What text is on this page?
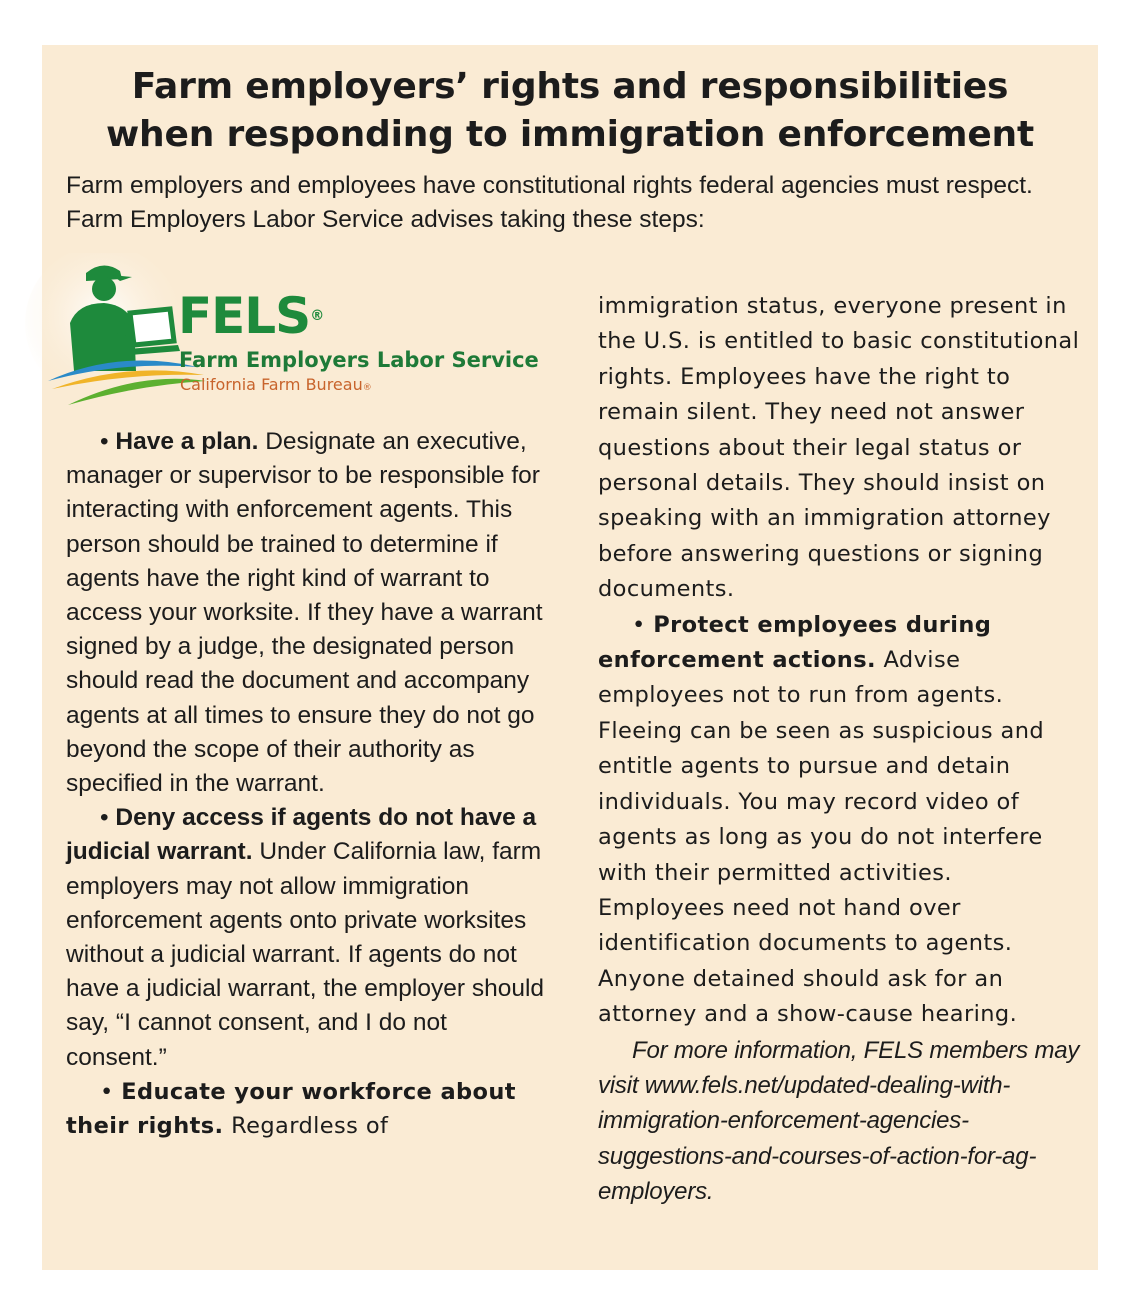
Farm employers’ rights and responsibilities
when responding to immigration enforcement

Farm employers and employees have constitutional rights federal agencies must respect. Farm Employers Labor Service advises taking these steps:

FELS®
Farm Employers Labor Service
California Farm Bureau®

• Have a plan. Designate an executive, manager or supervisor to be responsible for interacting with enforcement agents. This person should be trained to determine if agents have the right kind of warrant to access your worksite. If they have a warrant signed by a judge, the designated person should read the document and accompany agents at all times to ensure they do not go beyond the scope of their authority as specified in the warrant.

• Deny access if agents do not have a judicial warrant. Under California law, farm employers may not allow immigration enforcement agents onto private worksites without a judicial warrant. If agents do not have a judicial warrant, the employer should say, “I cannot consent, and I do not consent.”

• Educate your workforce about their rights. Regardless of

immigration status, everyone present in the U.S. is entitled to basic constitutional rights. Employees have the right to remain silent. They need not answer questions about their legal status or personal details. They should insist on speaking with an immigration attorney before answering questions or signing documents.

• Protect employees during enforcement actions. Advise employees not to run from agents. Fleeing can be seen as suspicious and entitle agents to pursue and detain individuals. You may record video of agents as long as you do not interfere with their permitted activities. Employees need not hand over identification documents to agents. Anyone detained should ask for an attorney and a show-cause hearing.

For more information, FELS members may visit www.fels.net/updated-dealing-with-immigration-enforcement-agencies-suggestions-and-courses-of-action-for-ag-employers.
